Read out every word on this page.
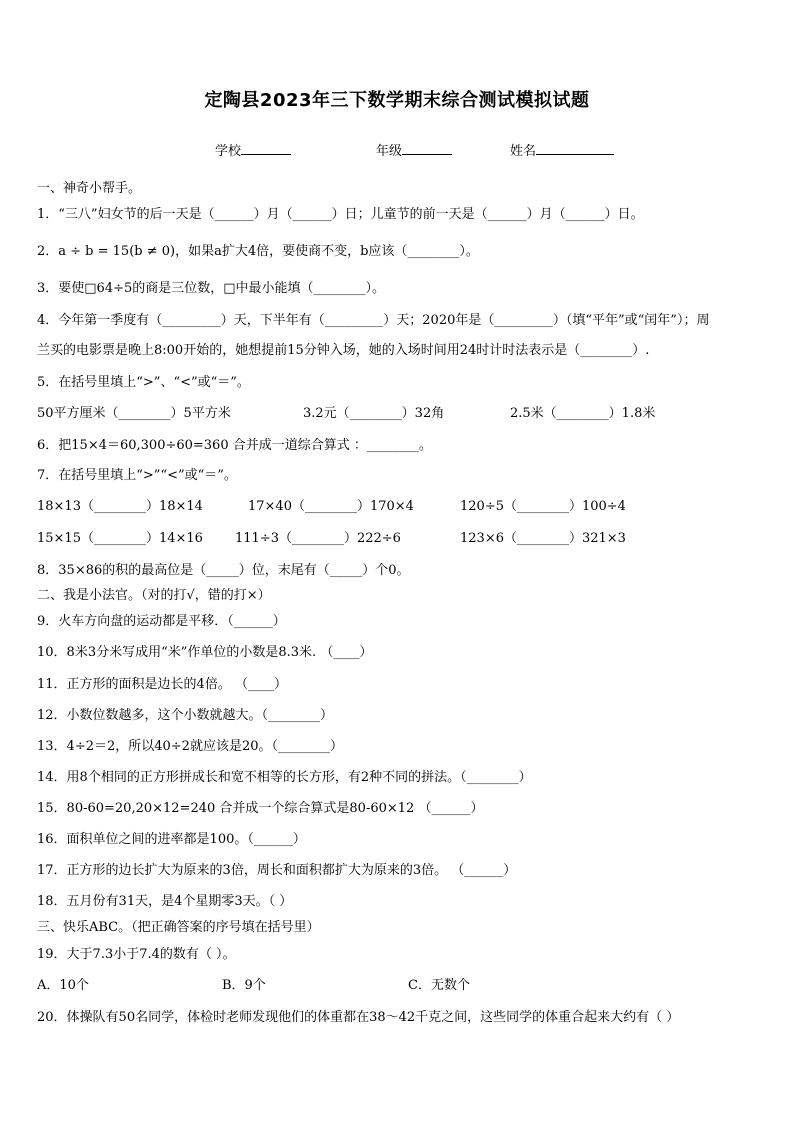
定陶县2023年三下数学期末综合测试模拟试题
学校	年级	姓名
一、神奇小帮手。
1．“三八”妇女节的后一天是（______）月（______）日；儿童节的前一天是（______）月（______）日。
2．a ÷ b = 15(b ≠ 0)，如果a扩大4倍，要使商不变，b应该（________）。
3．要使□64÷5的商是三位数，□中最小能填（________）。
4．今年第一季度有（_________）天，下半年有（_________）天；2020年是（_________）（填“平年”或“闰年”）；周
兰买的电影票是晚上8:00开始的，她想提前15分钟入场，她的入场时间用24时计时法表示是（________）.
5．在括号里填上“>”、“<”或“＝”。
50平方厘米（________）5平方米	3.2元（________）32角	2.5米（________）1.8米
6．把15×4＝60,300÷60=360 合并成一道综合算式 ：________。
7．在括号里填上“>”“<”或“＝”。
18×13（________）18×14	17×40（________）170×4	120÷5（________）100÷4
15×15（________）14×16 111÷3（________）222÷6	123×6（________）321×3
8．35×86的积的最高位是（_____）位，末尾有（_____）个0。
二、我是小法官。（对的打√，错的打×）
9．火车方向盘的运动都是平移．（______）
10．8米3分米写成用“米”作单位的小数是8.3米. （____）
11．正方形的面积是边长的4倍。 （____）
12．小数位数越多，这个小数就越大。（________）
13．4÷2＝2，所以40÷2就应该是20。（________）
14．用8个相同的正方形拼成长和宽不相等的长方形，有2种不同的拼法。（________）
15．80-60=20,20×12=240 合并成一个综合算式是80-60×12 （______）
16．面积单位之间的进率都是100。（______）
17．正方形的边长扩大为原来的3倍，周长和面积都扩大为原来的3倍。 （______）
18．五月份有31天，是4个星期零3天。（ ）
三、快乐ABC。（把正确答案的序号填在括号里）
19．大于7.3小于7.4的数有（ ）。
A．10个	B．9个	C．无数个
20．体操队有50名同学，体检时老师发现他们的体重都在38～42千克之间，这些同学的体重合起来大约有（ ）
